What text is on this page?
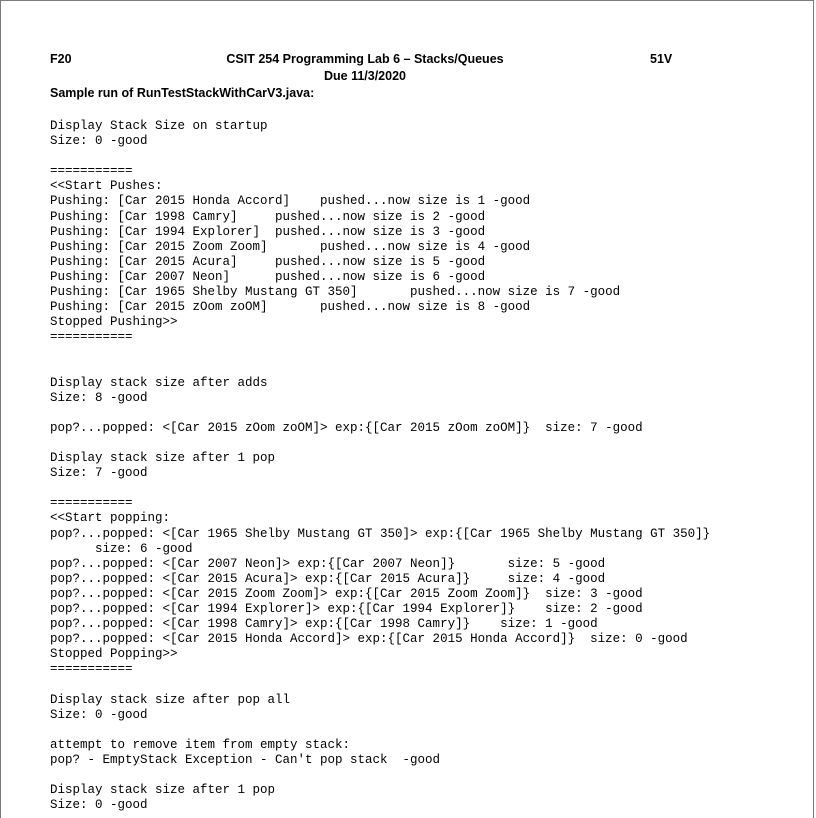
F20	CSIT 254 Programming Lab 6 – Stacks/Queues
Due 11/3/2020
51V
Sample run of RunTestStackWithCarV3.java:
Display Stack Size on startup
Size: 0 -good
===========
<<Start Pushes:
Pushing: [Car 2015 Honda Accord]    pushed...now size is 1 -good
Pushing: [Car 1998 Camry]     pushed...now size is 2 -good
Pushing: [Car 1994 Explorer]  pushed...now size is 3 -good
Pushing: [Car 2015 Zoom Zoom]       pushed...now size is 4 -good
Pushing: [Car 2015 Acura]     pushed...now size is 5 -good
Pushing: [Car 2007 Neon]      pushed...now size is 6 -good
Pushing: [Car 1965 Shelby Mustang GT 350]       pushed...now size is 7 -good
Pushing: [Car 2015 zOom zoOM]       pushed...now size is 8 -good
Stopped Pushing>>
===========
Display stack size after adds
Size: 8 -good
pop?...popped: <[Car 2015 zOom zoOM]> exp:{[Car 2015 zOom zoOM]}  size: 7 -good
Display stack size after 1 pop
Size: 7 -good
===========
<<Start popping:
pop?...popped: <[Car 1965 Shelby Mustang GT 350]> exp:{[Car 1965 Shelby Mustang GT 350]}
size: 6 -good
pop?...popped: <[Car 2007 Neon]> exp:{[Car 2007 Neon]}       size: 5 -good
pop?...popped: <[Car 2015 Acura]> exp:{[Car 2015 Acura]}     size: 4 -good
pop?...popped: <[Car 2015 Zoom Zoom]> exp:{[Car 2015 Zoom Zoom]}  size: 3 -good
pop?...popped: <[Car 1994 Explorer]> exp:{[Car 1994 Explorer]}    size: 2 -good
pop?...popped: <[Car 1998 Camry]> exp:{[Car 1998 Camry]}    size: 1 -good
pop?...popped: <[Car 2015 Honda Accord]> exp:{[Car 2015 Honda Accord]}  size: 0 -good
Stopped Popping>>
===========
Display stack size after pop all
Size: 0 -good
attempt to remove item from empty stack:
pop? - EmptyStack Exception - Can't pop stack  -good
Display stack size after 1 pop
Size: 0 -good
